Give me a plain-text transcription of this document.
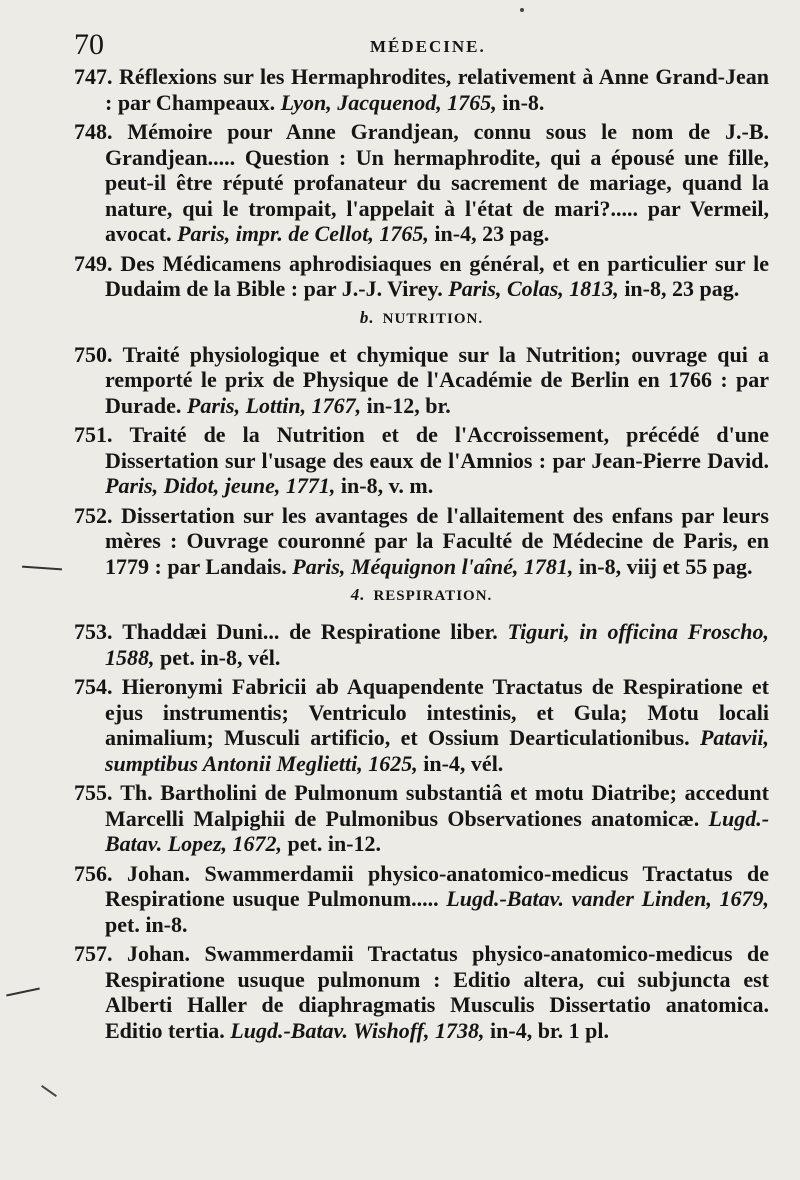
70	MÉDECINE.

747. Réflexions sur les Hermaphrodites, relativement à Anne Grand-Jean : par Champeaux. Lyon, Jacquenod, 1765, in-8.

748. Mémoire pour Anne Grandjean, connu sous le nom de J.-B. Grandjean..... Question : Un hermaphrodite, qui a épousé une fille, peut-il être réputé profanateur du sacrement de mariage, quand la nature, qui le trompait, l'appelait à l'état de mari?..... par Vermeil, avocat. Paris, impr. de Cellot, 1765, in-4, 23 pag.

749. Des Médicamens aphrodisiaques en général, et en particulier sur le Dudaim de la Bible : par J.-J. Virey. Paris, Colas, 1813, in-8, 23 pag.

b. NUTRITION.

750. Traité physiologique et chymique sur la Nutrition; ouvrage qui a remporté le prix de Physique de l'Académie de Berlin en 1766 : par Durade. Paris, Lottin, 1767, in-12, br.

751. Traité de la Nutrition et de l'Accroissement, précédé d'une Dissertation sur l'usage des eaux de l'Amnios : par Jean-Pierre David. Paris, Didot, jeune, 1771, in-8, v. m.

752. Dissertation sur les avantages de l'allaitement des enfans par leurs mères : Ouvrage couronné par la Faculté de Médecine de Paris, en 1779 : par Landais. Paris, Méquignon l'aîné, 1781, in-8, viij et 55 pag.

4. RESPIRATION.

753. Thaddæi Duni... de Respiratione liber. Tiguri, in officina Froscho, 1588, pet. in-8, vél.

754. Hieronymi Fabricii ab Aquapendente Tractatus de Respiratione et ejus instrumentis; Ventriculo intestinis, et Gula; Motu locali animalium; Musculi artificio, et Ossium Dearticulationibus. Patavii, sumptibus Antonii Meglietti, 1625, in-4, vél.

755. Th. Bartholini de Pulmonum substantiâ et motu Diatribe; accedunt Marcelli Malpighii de Pulmonibus Observationes anatomicæ. Lugd.-Batav. Lopez, 1672, pet. in-12.

756. Johan. Swammerdamii physico-anatomico-medicus Tractatus de Respiratione usuque Pulmonum..... Lugd.-Batav. vander Linden, 1679, pet. in-8.

757. Johan. Swammerdamii Tractatus physico-anatomico-medicus de Respiratione usuque pulmonum : Editio altera, cui subjuncta est Alberti Haller de diaphragmatis Musculis Dissertatio anatomica. Editio tertia. Lugd.-Batav. Wishoff, 1738, in-4, br. 1 pl.
